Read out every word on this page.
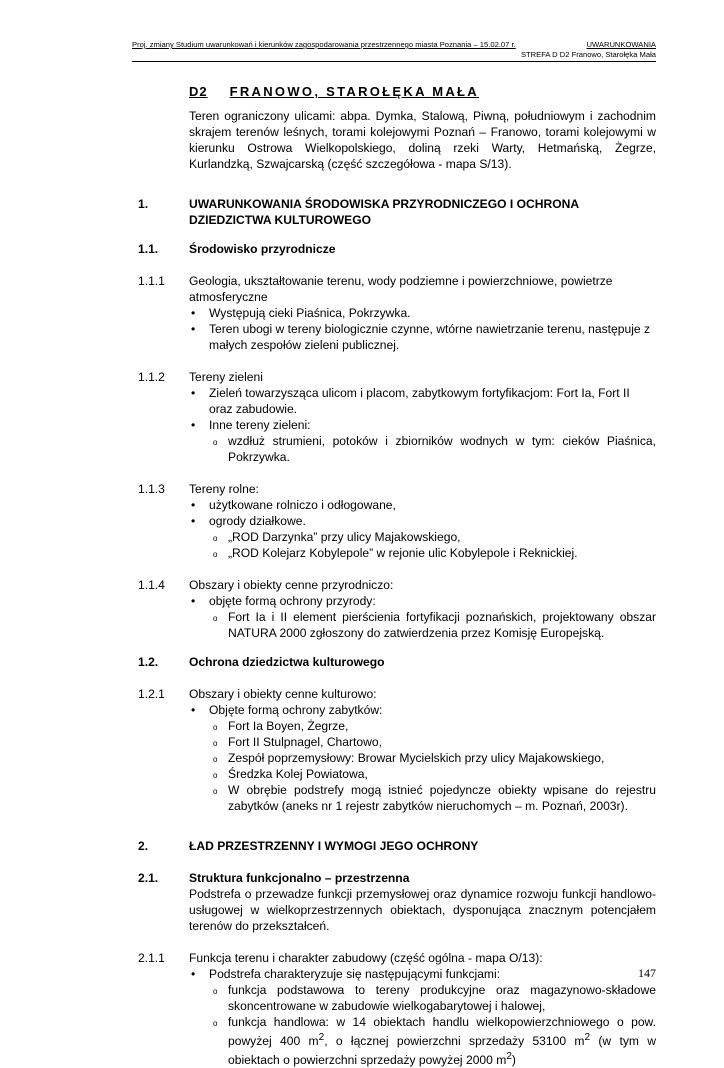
Proj. zmiany Studium uwarunkowań i kierunków zagospodarowania przestrzennego miasta Poznania – 15.02.07 r.	UWARUNKOWANIA
STREFA D D2 Franowo, Starołęka Mała
D2 FRANOWO, STAROŁĘKA MAŁA
Teren ograniczony ulicami: abpa. Dymka, Stalową, Piwną, południowym i zachodnim skrajem terenów leśnych, torami kolejowymi Poznań – Franowo, torami kolejowymi w kierunku Ostrowa Wielkopolskiego, doliną rzeki Warty, Hetmańską, Żegrze, Kurlandzką, Szwajcarską (część szczegółowa - mapa S/13).
1.	UWARUNKOWANIA ŚRODOWISKA PRZYRODNICZEGO I OCHRONA DZIEDZICTWA KULTUROWEGO
1.1.	Środowisko przyrodnicze
1.1.1 Geologia, ukształtowanie terenu, wody podziemne i powierzchniowe, powietrze atmosferyczne
• Występują cieki Piaśnica, Pokrzywka.
• Teren ubogi w tereny biologicznie czynne, wtórne nawietrzanie terenu, następuje z małych zespołów zieleni publicznej.
1.1.2 Tereny zieleni
• Zieleń towarzysząca ulicom i placom, zabytkowym fortyfikacjom: Fort Ia, Fort II oraz zabudowie.
• Inne tereny zieleni:
o wzdłuż strumieni, potoków i zbiorników wodnych w tym: cieków Piaśnica, Pokrzywka.
1.1.3 Tereny rolne:
• użytkowane rolniczo i odłogowane,
• ogrody działkowe.
o „ROD Darzynka” przy ulicy Majakowskiego,
o „ROD Kolejarz Kobylepole” w rejonie ulic Kobylepole i Reknickiej.
1.1.4 Obszary i obiekty cenne przyrodniczo:
• objęte formą ochrony przyrody:
o Fort Ia i II element pierścienia fortyfikacji poznańskich, projektowany obszar NATURA 2000 zgłoszony do zatwierdzenia przez Komisję Europejską.
1.2.	Ochrona dziedzictwa kulturowego
1.2.1 Obszary i obiekty cenne kulturowo:
• Objęte formą ochrony zabytków:
o Fort Ia Boyen, Żegrze,
o Fort II Stulpnagel, Chartowo,
o Zespół poprzemysłowy: Browar Mycielskich przy ulicy Majakowskiego,
o Średzka Kolej Powiatowa,
o W obrębie podstrefy mogą istnieć pojedyncze obiekty wpisane do rejestru zabytków (aneks nr 1 rejestr zabytków nieruchomych – m. Poznań, 2003r).
2.	ŁAD PRZESTRZENNY I WYMOGI JEGO OCHRONY
2.1.	Struktura funkcjonalno – przestrzenna
Podstrefa o przewadze funkcji przemysłowej oraz dynamice rozwoju funkcji handlowo-usługowej w wielkoprzestrzennych obiektach, dysponująca znacznym potencjałem terenów do przekształceń.
2.1.1 Funkcja terenu i charakter zabudowy (część ogólna - mapa O/13):
• Podstrefa charakteryzuje się następującymi funkcjami:
o funkcja podstawowa to tereny produkcyjne oraz magazynowo-składowe skoncentrowane w zabudowie wielkogabarytowej i halowej,
o funkcja handlowa: w 14 obiektach handlu wielkopowierzchniowego o pow. powyżej 400 $m^2$, o łącznej powierzchni sprzedaży 53100 $m^2$ (w tym w obiektach o powierzchni sprzedaży powyżej 2000 $m^2$)
147
